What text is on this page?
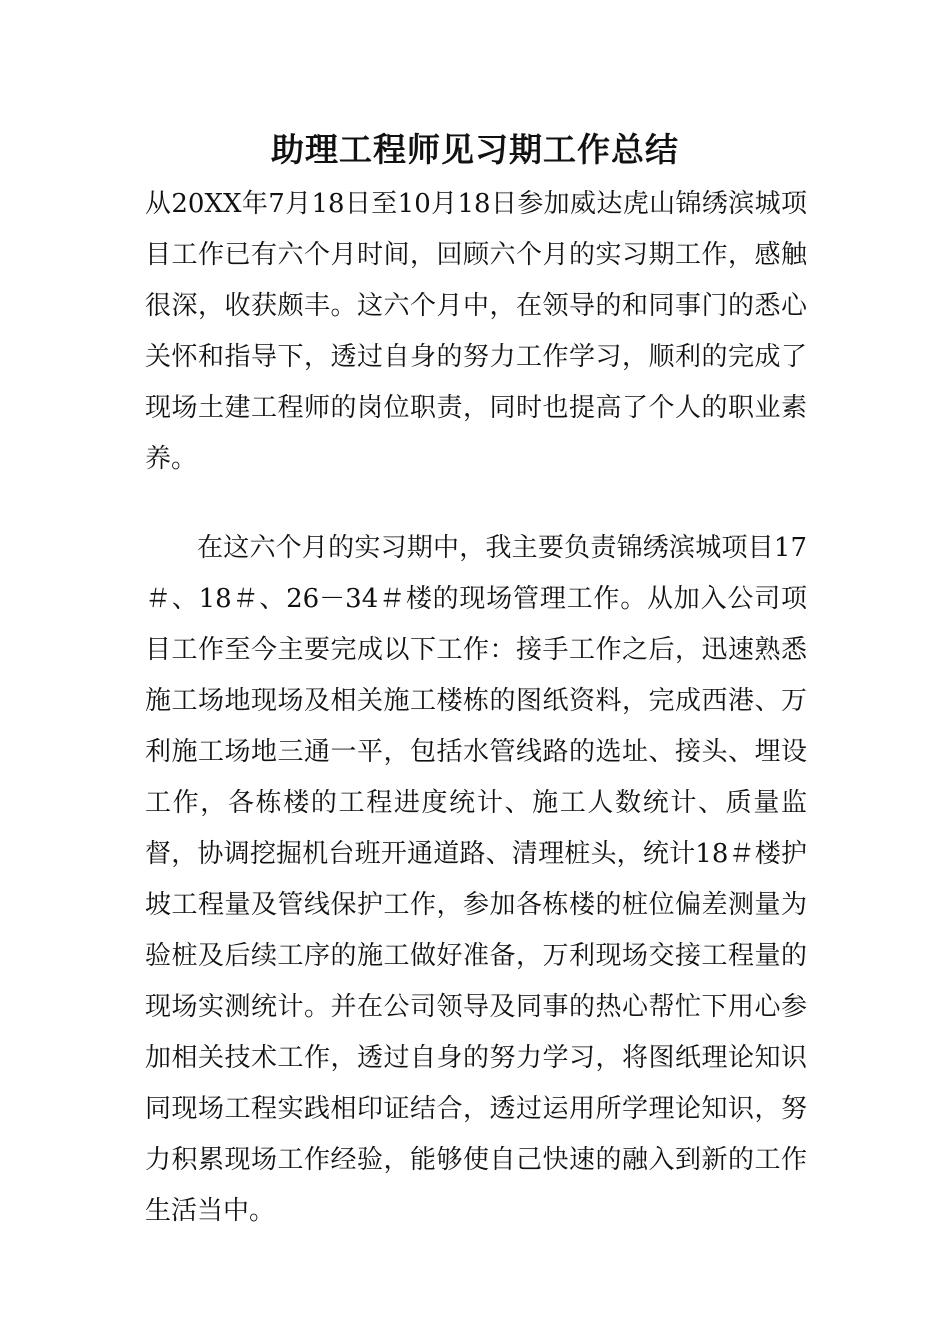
助理工程师见习期工作总结

从20XX年7月18日至10月18日参加威达虎山锦绣滨城项目工作已有六个月时间，回顾六个月的实习期工作，感触很深，收获颇丰。这六个月中，在领导的和同事门的悉心关怀和指导下，透过自身的努力工作学习，顺利的完成了现场土建工程师的岗位职责，同时也提高了个人的职业素养。

在这六个月的实习期中，我主要负责锦绣滨城项目17＃、18＃、26－34＃楼的现场管理工作。从加入公司项目工作至今主要完成以下工作：接手工作之后，迅速熟悉施工场地现场及相关施工楼栋的图纸资料，完成西港、万利施工场地三通一平，包括水管线路的选址、接头、埋设工作，各栋楼的工程进度统计、施工人数统计、质量监督，协调挖掘机台班开通道路、清理桩头，统计18＃楼护坡工程量及管线保护工作，参加各栋楼的桩位偏差测量为验桩及后续工序的施工做好准备，万利现场交接工程量的现场实测统计。并在公司领导及同事的热心帮忙下用心参加相关技术工作，透过自身的努力学习，将图纸理论知识同现场工程实践相印证结合，透过运用所学理论知识，努力积累现场工作经验，能够使自己快速的融入到新的工作生活当中。
